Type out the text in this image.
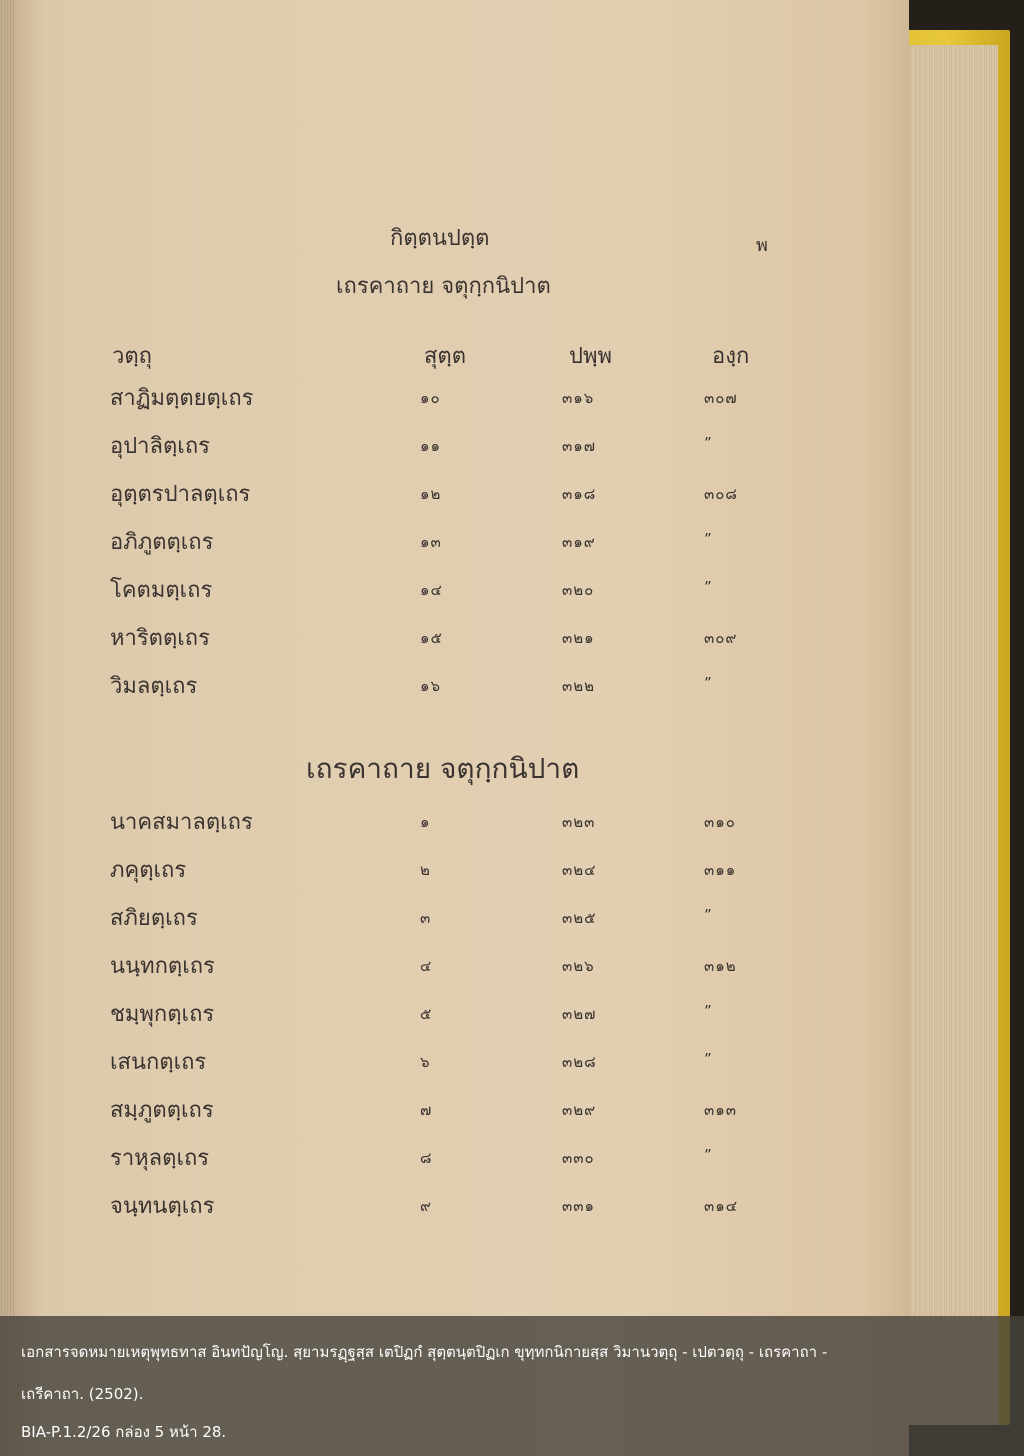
กิตฺตนปตฺต	พ
เถรคาถาย จตุกฺกนิปาต
วตฺถุ	สุตฺต	ปพฺพ	องฺก
สาฏิมตฺตยตฺเถร	๑๐	๓๑๖	๓๐๗
อุปาลิตฺเถร	๑๑	๓๑๗	”
อุตฺตรปาลตฺเถร	๑๒	๓๑๘	๓๐๘
อภิภูตตฺเถร	๑๓	๓๑๙	”
โคตมตฺเถร	๑๔	๓๒๐	”
หาริตตฺเถร	๑๕	๓๒๑	๓๐๙
วิมลตฺเถร	๑๖	๓๒๒	”
เถรคาถาย จตุกฺกนิปาต
นาคสมาลตฺเถร	๑	๓๒๓	๓๑๐
ภคุตฺเถร	๒	๓๒๔	๓๑๑
สภิยตฺเถร	๓	๓๒๕	”
นนฺทกตฺเถร	๔	๓๒๖	๓๑๒
ชมฺพุกตฺเถร	๕	๓๒๗	”
เสนกตฺเถร	๖	๓๒๘	”
สมฺภูตตฺเถร	๗	๓๒๙	๓๑๓
ราหุลตฺเถร	๘	๓๓๐	”
จนฺทนตฺเถร	๙	๓๓๑	๓๑๔
เอกสารจดหมายเหตุพุทธทาส อินทปัญโญ. สฺยามรฏฺฐสฺส เตปิฏกํ สุตฺตนฺตปิฏเก ขุทฺทกนิกายสฺส วิมานวตฺถุ - เปตวตฺถุ - เถรคาถา -
เถรีคาถา. (2502).
BIA-P.1.2/26 กล่อง 5 หน้า 28.
